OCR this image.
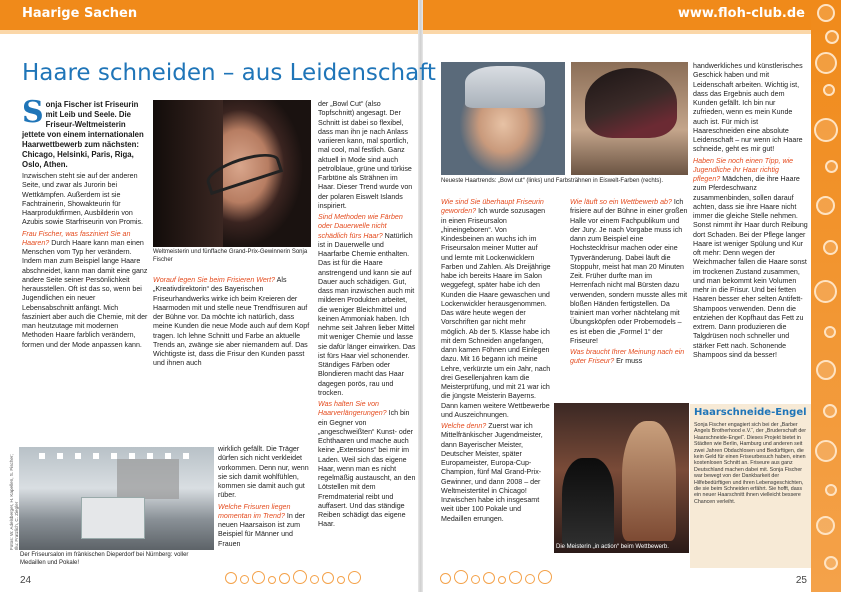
Haarige Sachen	www.floh-club.de
24	25
Haare schneiden – aus Leidenschaft

Sonja Fischer ist Friseurin mit Leib und Seele. Die Friseur-Weltmeisterin jettete von einem internationalen Haarwettbewerb zum nächsten: Chicago, Helsinki, Paris, Riga, Oslo, Athen.

Inzwischen steht sie auf der anderen Seite, und zwar als Jurorin bei Wettkämpfen. Außerdem ist sie Fachtrainerin, Showakteurin für Haarproduktfirmen, Ausbilderin von Azubis sowie Starfriseurin von Promis.

Frau Fischer, was fasziniert Sie an Haaren? Durch Haare kann man einen Menschen vom Typ her verändern. Indem man zum Beispiel lange Haare abschneidet, kann man damit eine ganz andere Seite seiner Persönlichkeit herausstellen. Oft ist das so, wenn bei Jugendlichen ein neuer Lebensabschnitt anfängt. Mich fasziniert aber auch die Chemie, mit der man heutzutage mit modernen Methoden Haare farblich verändern, formen und der Mode anpassen kann.

Weltmeisterin und fünffache Grand-Prix-Gewinnerin Sonja Fischer

Worauf legen Sie beim Frisieren Wert? Als „Kreativdirektorin“ des Bayerischen Friseurhandwerks wirke ich beim Kreieren der Haarmoden mit und stelle neue Trendfrisuren auf der Bühne vor. Da möchte ich natürlich, dass meine Kunden die neue Mode auch auf dem Kopf tragen. Ich lehne Schnitt und Farbe an aktuelle Trends an, zwänge sie aber niemandem auf. Das Wichtigste ist, dass die Frisur den Kunden passt und ihnen auch

wirklich gefällt. Die Träger dürfen sich nicht verkleidet vorkommen. Denn nur, wenn sie sich damit wohlfühlen, kommen sie damit auch gut rüber.

Welche Frisuren liegen momentan im Trend? In der neuen Haarsaison ist zum Beispiel für Männer und Frauen

Der Friseursalon im fränkischen Dieperdorf bei Nürnberg: voller Medaillen und Pokale!
Fotos: W. Adelsberger, H. Kapellen, S. Fischer; Illu: Fratzlich, C. Ziegler

der „Bowl Cut“ (also Topfschnitt) angesagt. Der Schnitt ist dabei so flexibel, dass man ihn je nach Anlass variieren kann, mal sportlich, mal cool, mal festlich. Ganz aktuell in Mode sind auch petrolblaue, grüne und türkise Farbtöne als Strähnen im Haar. Dieser Trend wurde von der polaren Eiswelt Islands inspiriert.

Sind Methoden wie Färben oder Dauerwelle nicht schädlich fürs Haar? Natürlich ist in Dauerwelle und Haarfarbe Chemie enthalten. Das ist für die Haare anstrengend und kann sie auf Dauer auch schädigen. Gut, dass man inzwischen auch mit milderen Produkten arbeitet, die weniger Bleichmittel und keinen Ammoniak haben. Ich nehme seit Jahren lieber Mittel mit weniger Chemie und lasse sie dafür länger einwirken. Das ist fürs Haar viel schonender. Ständiges Färben oder Blondieren macht das Haar dagegen porös, rau und trocken.

Was halten Sie von Haarverlängerungen? Ich bin ein Gegner von „angeschweißten“ Kunst- oder Echthaaren und mache auch keine „Extensions“ bei mir im Laden. Weil sich das eigene Haar, wenn man es nicht regelmäßig austauscht, an den Lötstellen mit dem Fremdmaterial reibt und auffasert. Und das ständige Reiben schädigt das eigene Haar.

Neueste Haartrends: „Bowl cut“ (links) und Farbsträhnen in Eiswelt-Farben (rechts).

Wie sind Sie überhaupt Friseurin geworden? Ich wurde sozusagen in einen Friseursalon „hineingeboren“. Von Kindesbeinen an wuchs ich im Friseursalon meiner Mutter auf und lernte mit Lockenwicklern Farben und Zahlen. Als Dreijährige habe ich bereits Haare im Salon weggefegt, später habe ich den Kunden die Haare gewaschen und Lockenwickler herausgenommen. Das wäre heute wegen der Vorschriften gar nicht mehr möglich. Ab der 5. Klasse habe ich mit dem Schneiden angefangen, dann kamen Föhnen und Einlegen dazu. Mit 16 begann ich meine Lehre, verkürzte um ein Jahr, nach drei Gesellenjahren kam die Meisterprüfung, und mit 21 war ich die jüngste Meisterin Bayerns. Dann kamen weitere Wettbewerbe und Auszeichnungen.

Welche denn? Zuerst war ich Mittelfränkischer Jugendmeister, dann Bayerischer Meister, Deutscher Meister, später Europameister, Europa-Cup-Champion, fünf Mal Grand-Prix-Gewinner, und dann 2008 – der Weltmeistertitel in Chicago! Inzwischen habe ich insgesamt weit über 100 Pokale und Medaillen errungen.

Wie läuft so ein Wettbewerb ab? Ich frisiere auf der Bühne in einer großen Halle vor einem Fachpublikum und der Jury. Je nach Vorgabe muss ich dann zum Beispiel eine Hochsteckfrisur machen oder eine Typveränderung. Dabei läuft die Stoppuhr, meist hat man 20 Minuten Zeit. Früher durfte man im Herrenfach nicht mal Bürsten dazu verwenden, sondern musste alles mit bloßen Händen fertigstellen. Da trainiert man vorher nächtelang mit Übungsköpfen oder Probemodels – es ist eben die „Formel 1“ der Friseure!

Was braucht Ihrer Meinung nach ein guter Friseur? Er muss

Die Meisterin „in action“ beim Wettbewerb.

handwerkliches und künstlerisches Geschick haben und mit Leidenschaft arbeiten. Wichtig ist, dass das Ergebnis auch dem Kunden gefällt. Ich bin nur zufrieden, wenn es mein Kunde auch ist. Für mich ist Haareschneiden eine absolute Leidenschaft – nur wenn ich Haare schneide, geht es mir gut!

Haben Sie noch einen Tipp, wie Jugendliche ihr Haar richtig pflegen? Mädchen, die ihre Haare zum Pferdeschwanz zusammenbinden, sollen darauf achten, dass sie ihre Haare nicht immer die gleiche Stelle nehmen. Sonst nimmt ihr Haar durch Reibung dort Schaden. Bei der Pflege langer Haare ist weniger Spülung und Kur oft mehr: Denn wegen der Weichmacher fallen die Haare sonst im trockenen Zustand zusammen, und man bekommt kein Volumen mehr in die Frisur. Und bei fetten Haaren besser eher selten Antifett-Shampoos verwenden. Denn die entziehen der Kopfhaut das Fett zu extrem. Dann produzieren die Talgdrüsen noch schneller und stärker Fett nach. Schonende Shampoos sind da besser!

Haarschneide-Engel
Sonja Fischer engagiert sich bei der „Barber Angels Brotherhood e.V.“, der „Bruderschaft der Haarschneide-Engel“. Dieses Projekt bietet in Städten wie Berlin, Hamburg und anderen seit zwei Jahren Obdachlosen und Bedürftigen, die kein Geld für einen Friseurbesuch haben, einen kostenlosen Schnitt an. Friseure aus ganz Deutschland machen dabei mit. Sonja Fischer war bewegt von der Dankbarkeit der Hilfebedürftigen und ihren Lebensgeschichten, die sie beim Schneiden erfährt. Sie hofft, dass ein neuer Haarschnitt ihnen vielleicht bessere Chancen verleiht.
